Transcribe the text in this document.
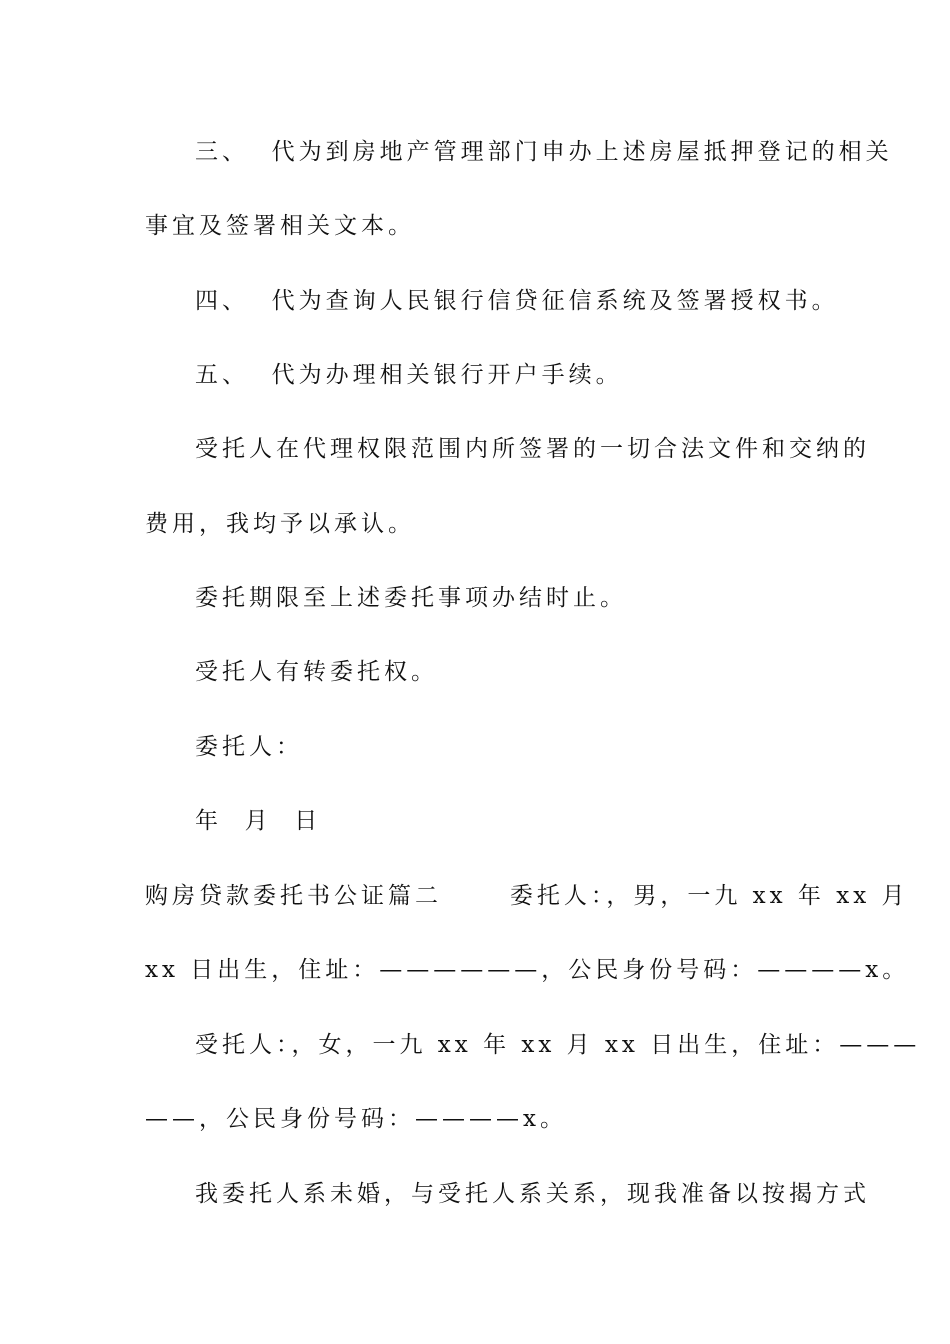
三、  代为到房地产管理部门申办上述房屋抵押登记的相关
事宜及签署相关文本。
四、  代为查询人民银行信贷征信系统及签署授权书。
五、  代为办理相关银行开户手续。
受托人在代理权限范围内所签署的一切合法文件和交纳的
费用，我均予以承认。
委托期限至上述委托事项办结时止。
受托人有转委托权。
委托人：
年  月  日
购房贷款委托书公证篇二      委托人：，男，一九 xx 年 xx 月
xx 日出生，住址：——————，公民身份号码：————x。
受托人：，女，一九 xx 年 xx 月 xx 日出生，住址：———
——，公民身份号码：————x。
我委托人系未婚，与受托人系关系，现我准备以按揭方式
